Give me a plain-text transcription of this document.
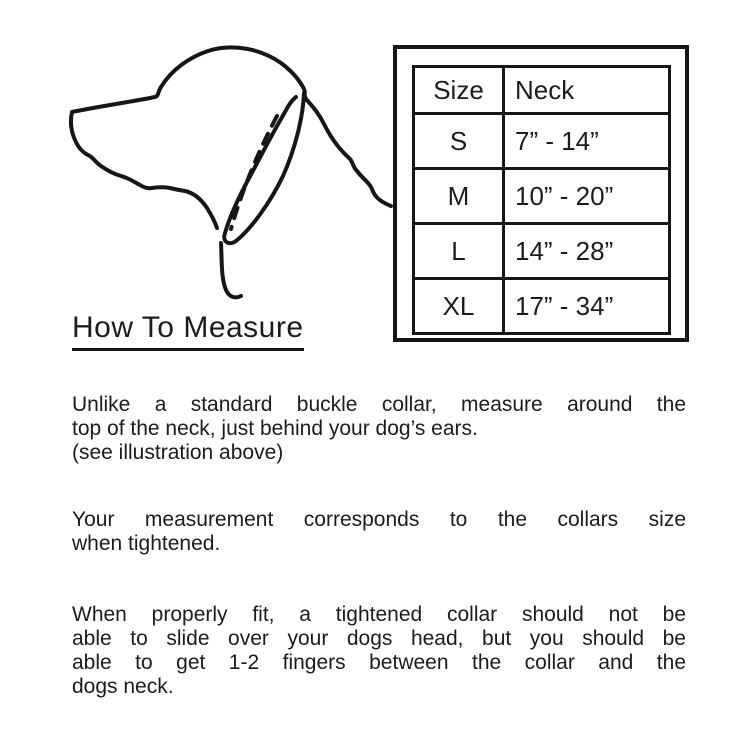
Size	Neck
S	7” - 14”
M	10” - 20”
L	14” - 28”
XL	17” - 34”
How To Measure
Unlike a standard buckle collar, measure around the
top of the neck, just behind your dog’s ears.
(see illustration above)
Your measurement corresponds to the collars size
when tightened.
When properly fit, a tightened collar should not be
able to slide over your dogs head, but you should be
able to get 1-2 fingers between the collar and the
dogs neck.
